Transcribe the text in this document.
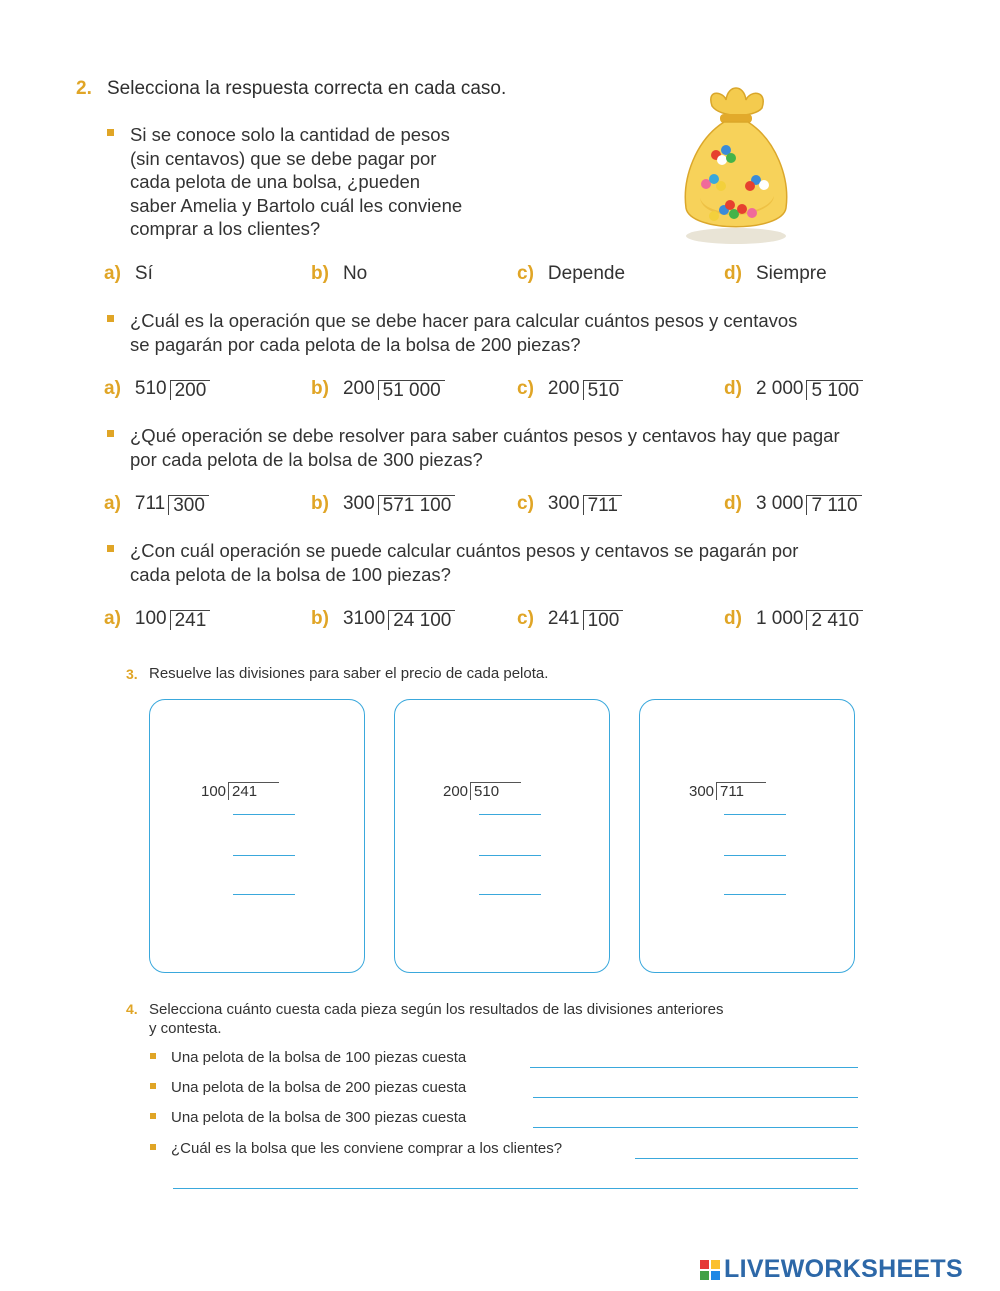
2. Selecciona la respuesta correcta en cada caso.
Si se conoce solo la cantidad de pesos
(sin centavos) que se debe pagar por
cada pelota de una bolsa, ¿pueden
saber Amelia y Bartolo cuál les conviene
comprar a los clientes?
a) Sí	b) No	c) Depende	d) Siempre
¿Cuál es la operación que se debe hacer para calcular cuántos pesos y centavos
se pagarán por cada pelota de la bolsa de 200 piezas?
a) 510 200	b) 200 51 000	c) 200 510	d) 2 000 5 100
¿Qué operación se debe resolver para saber cuántos pesos y centavos hay que pagar
por cada pelota de la bolsa de 300 piezas?
a) 711 300	b) 300 571 100	c) 300 711	d) 3 000 7 110
¿Con cuál operación se puede calcular cuántos pesos y centavos se pagarán por
cada pelota de la bolsa de 100 piezas?
a) 100 241	b) 3100 24 100	c) 241 100	d) 1 000 2 410
3. Resuelve las divisiones para saber el precio de cada pelota.
100 241	200 510	300 711
4. Selecciona cuánto cuesta cada pieza según los resultados de las divisiones anteriores
y contesta.
Una pelota de la bolsa de 100 piezas cuesta
Una pelota de la bolsa de 200 piezas cuesta
Una pelota de la bolsa de 300 piezas cuesta
¿Cuál es la bolsa que les conviene comprar a los clientes?
LIVEWORKSHEETS
